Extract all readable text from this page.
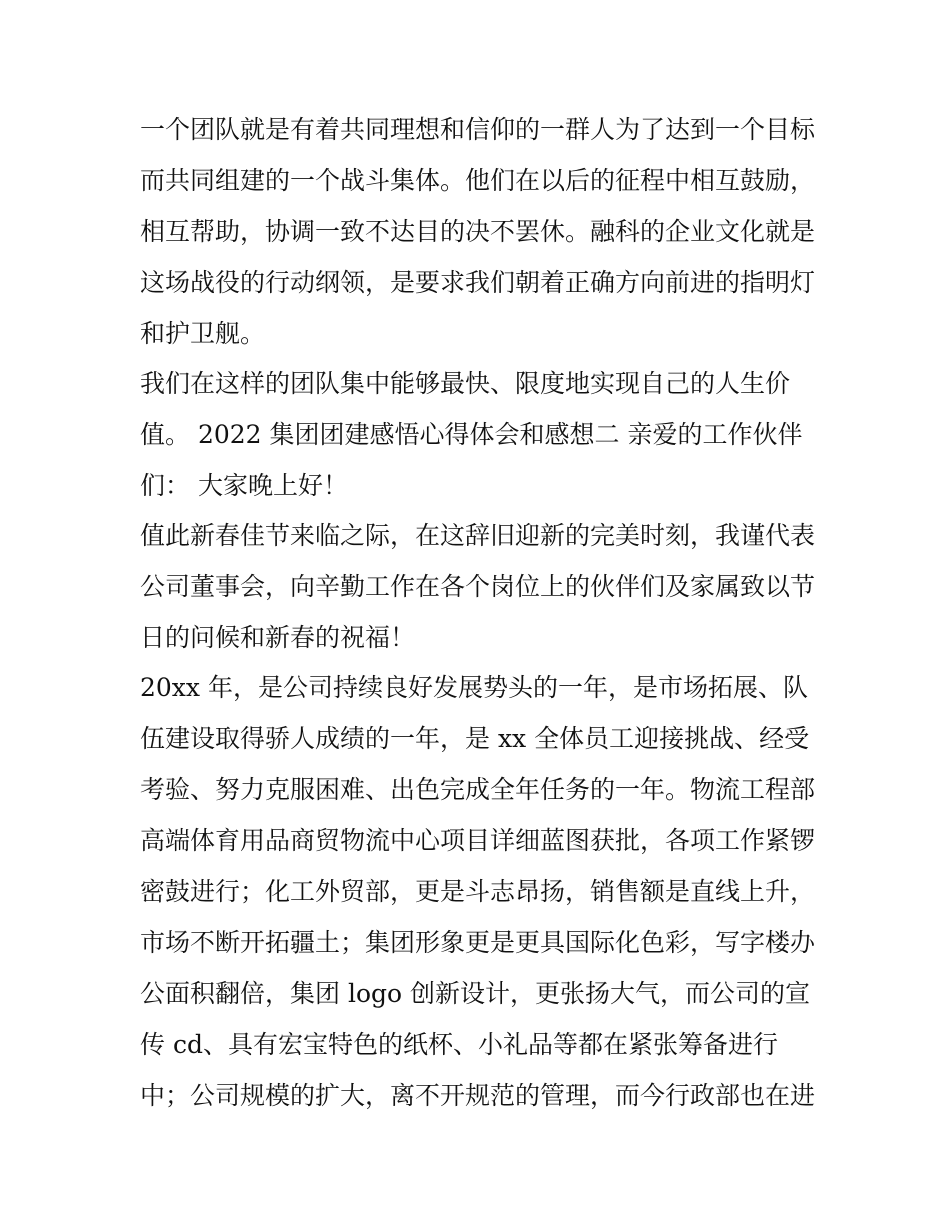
一个团队就是有着共同理想和信仰的一群人为了达到一个目标
而共同组建的一个战斗集体。他们在以后的征程中相互鼓励，
相互帮助，协调一致不达目的决不罢休。融科的企业文化就是
这场战役的行动纲领，是要求我们朝着正确方向前进的指明灯
和护卫舰。
我们在这样的团队集中能够最快、限度地实现自己的人生价
值。 2022 集团团建感悟心得体会和感想二 亲爱的工作伙伴
们： 大家晚上好！
值此新春佳节来临之际，在这辞旧迎新的完美时刻，我谨代表
公司董事会，向辛勤工作在各个岗位上的伙伴们及家属致以节
日的问候和新春的祝福！
20xx 年，是公司持续良好发展势头的一年，是市场拓展、队
伍建设取得骄人成绩的一年，是 xx 全体员工迎接挑战、经受
考验、努力克服困难、出色完成全年任务的一年。物流工程部
高端体育用品商贸物流中心项目详细蓝图获批，各项工作紧锣
密鼓进行；化工外贸部，更是斗志昂扬，销售额是直线上升，
市场不断开拓疆土；集团形象更是更具国际化色彩，写字楼办
公面积翻倍，集团 logo 创新设计，更张扬大气，而公司的宣
传 cd、具有宏宝特色的纸杯、小礼品等都在紧张筹备进行
中；公司规模的扩大，离不开规范的管理，而今行政部也在进
